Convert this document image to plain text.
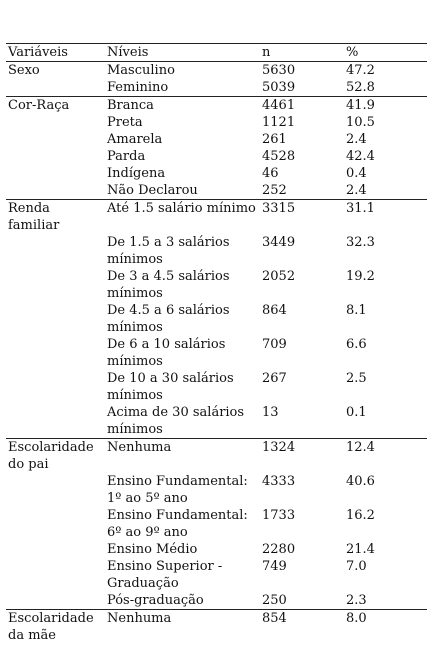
Variáveis	Níveis	n	%
Sexo	Masculino	5630	47.2
	Feminino	5039	52.8
Cor-Raça	Branca	4461	41.9
	Preta	1121	10.5
	Amarela	261	2.4
	Parda	4528	42.4
	Indígena	46	0.4
	Não Declarou	252	2.4
Renda familiar	Até 1.5 salário mínimo	3315	31.1
	De 1.5 a 3 salários mínimos	3449	32.3
	De 3 a 4.5 salários mínimos	2052	19.2
	De 4.5 a 6 salários mínimos	864	8.1
	De 6 a 10 salários mínimos	709	6.6
	De 10 a 30 salários mínimos	267	2.5
	Acima de 30 salários mínimos	13	0.1
Escolaridade do pai	Nenhuma	1324	12.4
	Ensino Fundamental: 1º ao 5º ano	4333	40.6
	Ensino Fundamental: 6º ao 9º ano	1733	16.2
	Ensino Médio	2280	21.4
	Ensino Superior - Graduação	749	7.0
	Pós-graduação	250	2.3
Escolaridade da mãe	Nenhuma	854	8.0
